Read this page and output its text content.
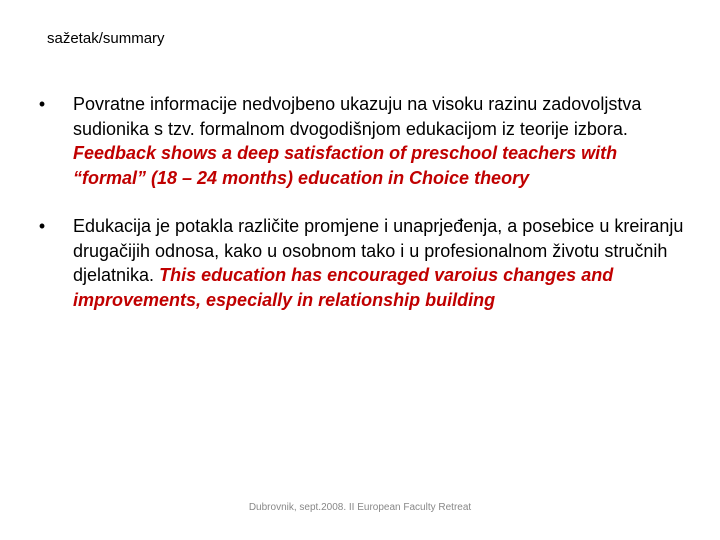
sažetak/summary
•	Povratne informacije nedvojbeno ukazuju na visoku razinu zadovoljstva sudionika s tzv. formalnom dvogodišnjom edukacijom iz teorije izbora. Feedback shows a deep satisfaction of preschool teachers with “formal” (18 – 24 months) education in Choice theory
•	Edukacija je potakla različite promjene i unaprjeđenja, a posebice u kreiranju drugačijih odnosa, kako u osobnom tako i u profesionalnom životu stručnih djelatnika. This education has encouraged varoius changes and improvements, especially in relationship building
Dubrovnik, sept.2008. II European Faculty Retreat
